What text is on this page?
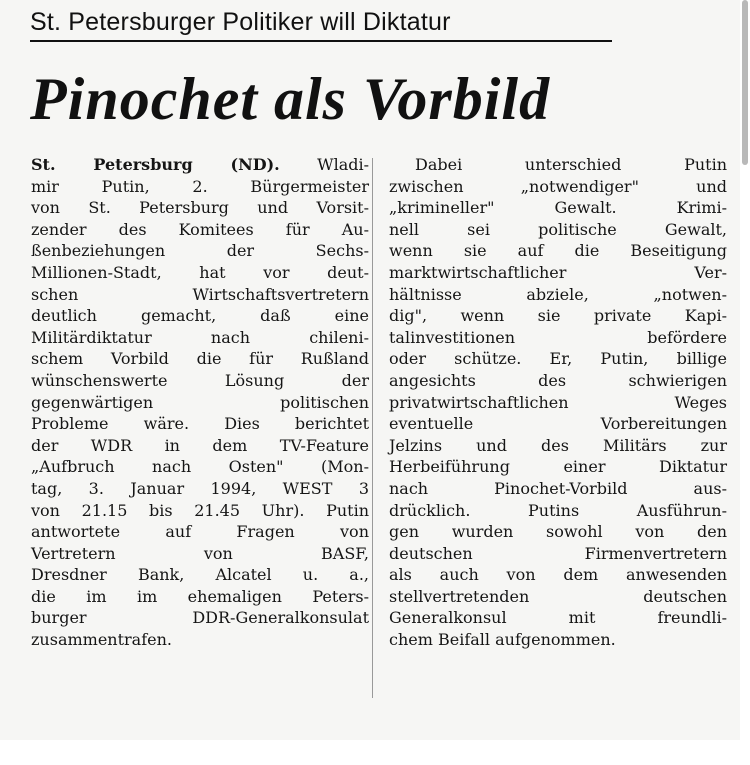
St. Petersburger Politiker will Diktatur
Pinochet als Vorbild
St. Petersburg (ND). Wladi-
mir Putin, 2. Bürgermeister
von St. Petersburg und Vorsit-
zender des Komitees für Au-
ßenbeziehungen der Sechs-
Millionen-Stadt, hat vor deut-
schen Wirtschaftsvertretern
deutlich gemacht, daß eine
Militärdiktatur nach chileni-
schem Vorbild die für Rußland
wünschenswerte Lösung der
gegenwärtigen politischen
Probleme wäre. Dies berichtet
der WDR in dem TV-Feature
„Aufbruch nach Osten" (Mon-
tag, 3. Januar 1994, WEST 3
von 21.15 bis 21.45 Uhr). Putin
antwortete auf Fragen von
Vertretern von BASF,
Dresdner Bank, Alcatel u. a.,
die im im ehemaligen Peters-
burger DDR-Generalkonsulat
zusammentrafen.
Dabei unterschied Putin
zwischen „notwendiger" und
„krimineller" Gewalt. Krimi-
nell sei politische Gewalt,
wenn sie auf die Beseitigung
marktwirtschaftlicher Ver-
hältnisse abziele, „notwen-
dig", wenn sie private Kapi-
talinvestitionen befördere
oder schütze. Er, Putin, billige
angesichts des schwierigen
privatwirtschaftlichen Weges
eventuelle Vorbereitungen
Jelzins und des Militärs zur
Herbeiführung einer Diktatur
nach Pinochet-Vorbild aus-
drücklich. Putins Ausführun-
gen wurden sowohl von den
deutschen Firmenvertretern
als auch von dem anwesenden
stellvertretenden deutschen
Generalkonsul mit freundli-
chem Beifall aufgenommen.
